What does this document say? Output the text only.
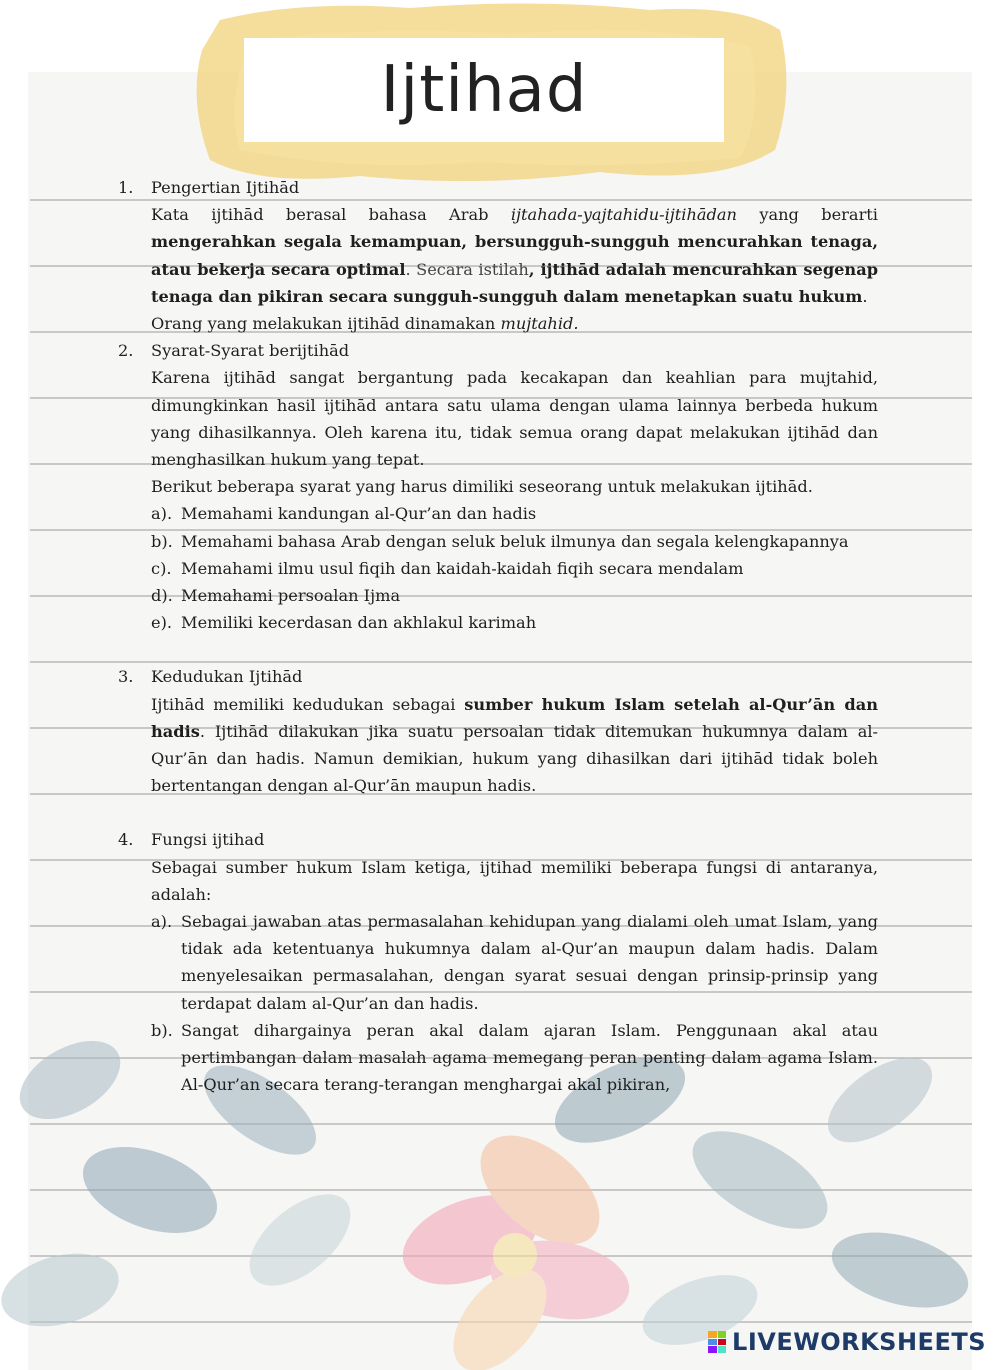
Ijtihad
1. Pengertian Ijtihād
Kata ijtihād berasal bahasa Arab ijtahada-yajtahidu-ijtihādan yang berarti mengerahkan segala kemampuan, bersungguh-sungguh mencurahkan tenaga, atau bekerja secara optimal. Secara istilah, ijtihād adalah mencurahkan segenap tenaga dan pikiran secara sungguh-sungguh dalam menetapkan suatu hukum.
Orang yang melakukan ijtihād dinamakan mujtahid.
2. Syarat-Syarat berijtihād
Karena ijtihād sangat bergantung pada kecakapan dan keahlian para mujtahid, dimungkinkan hasil ijtihād antara satu ulama dengan ulama lainnya berbeda hukum yang dihasilkannya. Oleh karena itu, tidak semua orang dapat melakukan ijtihād dan menghasilkan hukum yang tepat.
Berikut beberapa syarat yang harus dimiliki seseorang untuk melakukan ijtihād.
a). Memahami kandungan al-Qur’an dan hadis
b). Memahami bahasa Arab dengan seluk beluk ilmunya dan segala kelengkapannya
c). Memahami ilmu usul fiqih dan kaidah-kaidah fiqih secara mendalam
d). Memahami persoalan Ijma
e). Memiliki kecerdasan dan akhlakul karimah
3. Kedudukan Ijtihād
Ijtihād memiliki kedudukan sebagai sumber hukum Islam setelah al-Qur’ān dan hadis. Ijtihād dilakukan jika suatu persoalan tidak ditemukan hukumnya dalam al-Qur’ān dan hadis. Namun demikian, hukum yang dihasilkan dari ijtihād tidak boleh bertentangan dengan al-Qur’ān maupun hadis.
4. Fungsi ijtihad
Sebagai sumber hukum Islam ketiga, ijtihad memiliki beberapa fungsi di antaranya, adalah:
a). Sebagai jawaban atas permasalahan kehidupan yang dialami oleh umat Islam, yang tidak ada ketentuanya hukumnya dalam al-Qur’an maupun dalam hadis. Dalam menyelesaikan permasalahan, dengan syarat sesuai dengan prinsip-prinsip yang terdapat dalam al-Qur’an dan hadis.
b). Sangat dihargainya peran akal dalam ajaran Islam. Penggunaan akal atau pertimbangan dalam masalah agama memegang peran penting dalam agama Islam. Al-Qur’an secara terang-terangan menghargai akal pikiran,
LIVEWORKSHEETS
